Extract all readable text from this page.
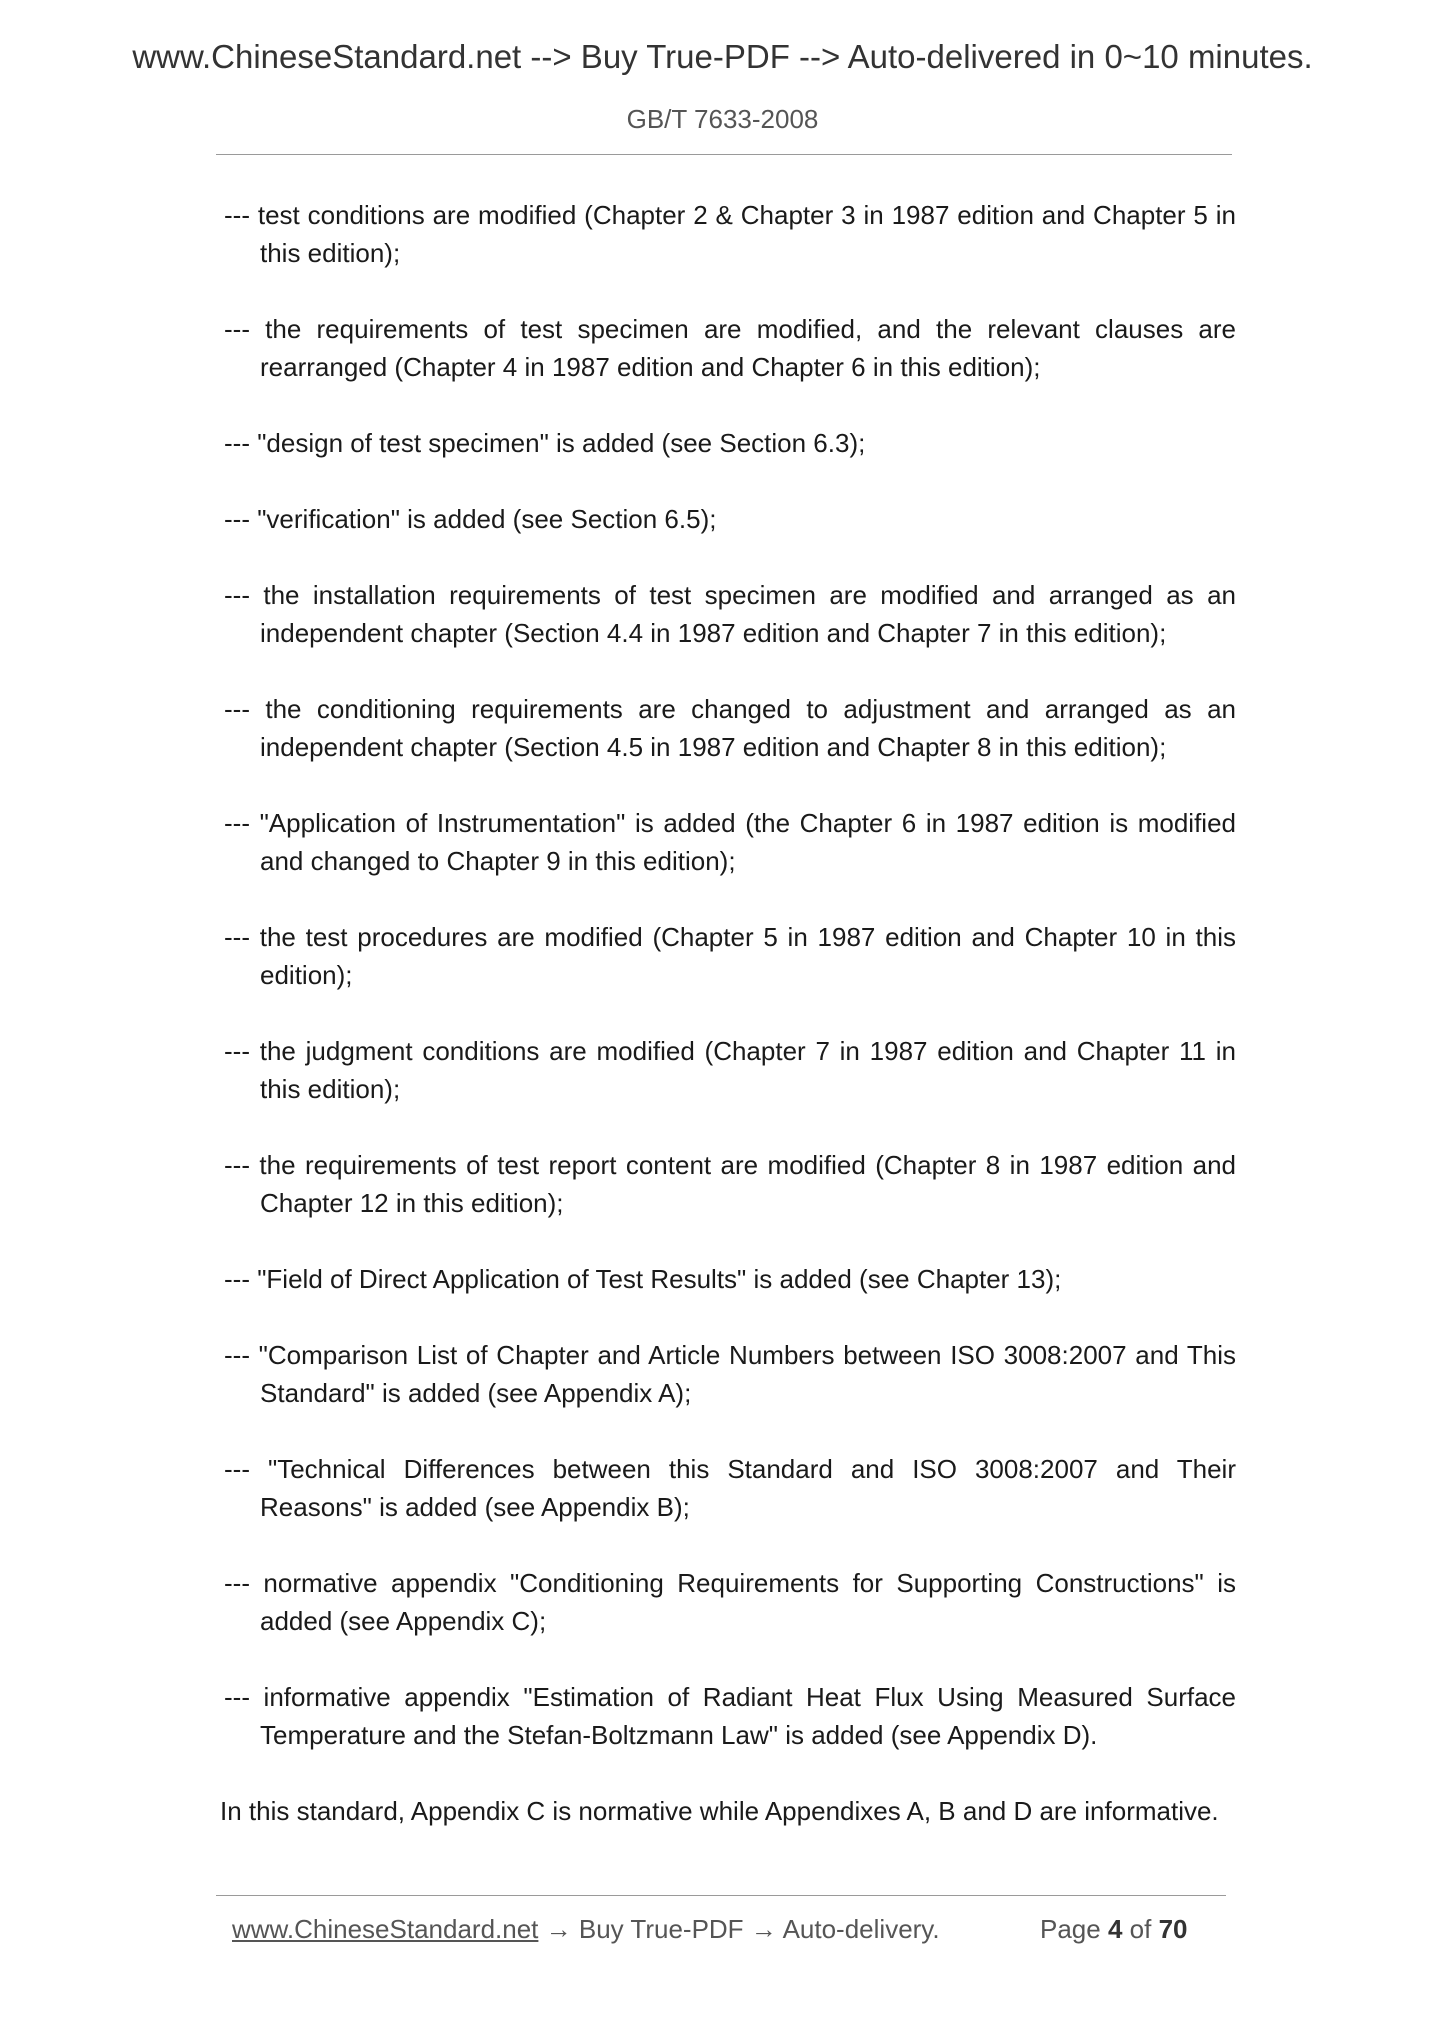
www.ChineseStandard.net --> Buy True-PDF --> Auto-delivered in 0~10 minutes.
GB/T 7633-2008

--- test conditions are modified (Chapter 2 & Chapter 3 in 1987 edition and Chapter 5 in this edition);

--- the requirements of test specimen are modified, and the relevant clauses are rearranged (Chapter 4 in 1987 edition and Chapter 6 in this edition);

--- "design of test specimen" is added (see Section 6.3);

--- "verification" is added (see Section 6.5);

--- the installation requirements of test specimen are modified and arranged as an independent chapter (Section 4.4 in 1987 edition and Chapter 7 in this edition);

--- the conditioning requirements are changed to adjustment and arranged as an independent chapter (Section 4.5 in 1987 edition and Chapter 8 in this edition);

--- "Application of Instrumentation" is added (the Chapter 6 in 1987 edition is modified and changed to Chapter 9 in this edition);

--- the test procedures are modified (Chapter 5 in 1987 edition and Chapter 10 in this edition);

--- the judgment conditions are modified (Chapter 7 in 1987 edition and Chapter 11 in this edition);

--- the requirements of test report content are modified (Chapter 8 in 1987 edition and Chapter 12 in this edition);

--- "Field of Direct Application of Test Results" is added (see Chapter 13);

--- "Comparison List of Chapter and Article Numbers between ISO 3008:2007 and This Standard" is added (see Appendix A);

--- "Technical Differences between this Standard and ISO 3008:2007 and Their Reasons" is added (see Appendix B);

--- normative appendix "Conditioning Requirements for Supporting Constructions" is added (see Appendix C);

--- informative appendix "Estimation of Radiant Heat Flux Using Measured Surface Temperature and the Stefan-Boltzmann Law" is added (see Appendix D).

In this standard, Appendix C is normative while Appendixes A, B and D are informative.

www.ChineseStandard.net → Buy True-PDF → Auto-delivery.	Page 4 of 70
